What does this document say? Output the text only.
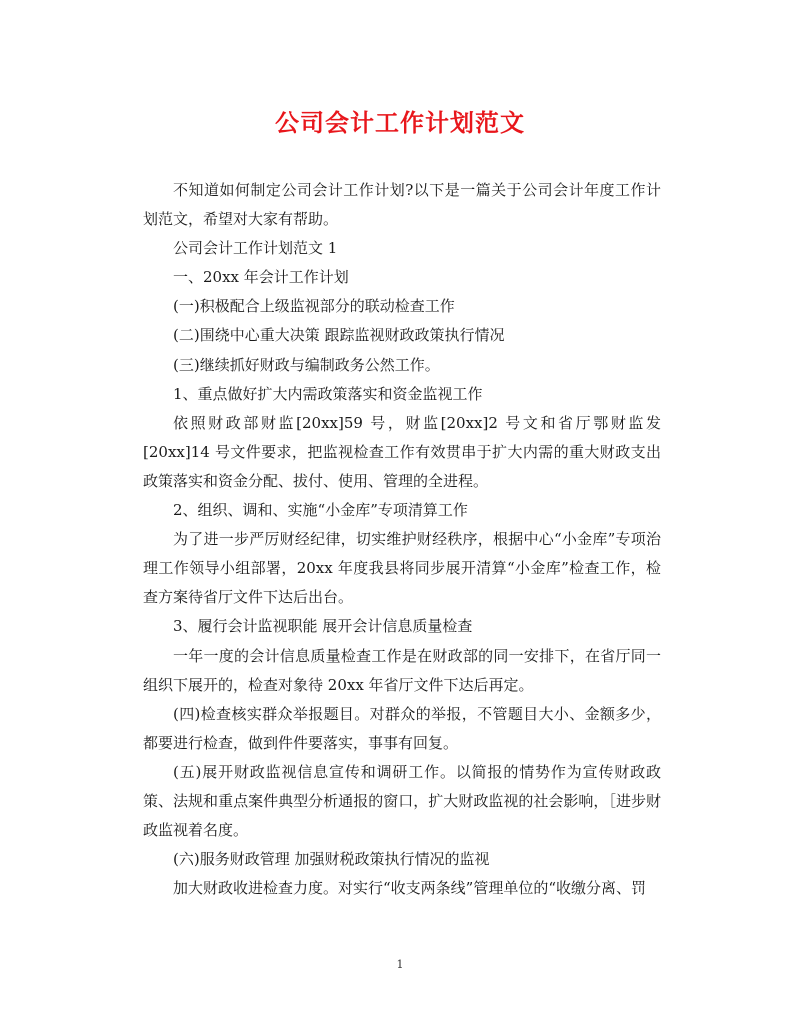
公司会计工作计划范文

不知道如何制定公司会计工作计划?以下是一篇关于公司会计年度工作计划范文，希望对大家有帮助。

公司会计工作计划范文 1

一、20xx 年会计工作计划

(一)积极配合上级监视部分的联动检查工作

(二)围绕中心重大决策 跟踪监视财政政策执行情况

(三)继续抓好财政与编制政务公然工作。

1、重点做好扩大内需政策落实和资金监视工作

依照财政部财监[20xx]59 号，财监[20xx]2 号文和省厅鄂财监发[20xx]14 号文件要求，把监视检查工作有效贯串于扩大内需的重大财政支出政策落实和资金分配、拔付、使用、管理的全进程。

2、组织、调和、实施“小金库”专项清算工作

为了进一步严厉财经纪律，切实维护财经秩序，根据中心“小金库”专项治理工作领导小组部署，20xx 年度我县将同步展开清算“小金库”检查工作，检查方案待省厅文件下达后出台。

3、履行会计监视职能 展开会计信息质量检查

一年一度的会计信息质量检查工作是在财政部的同一安排下，在省厅同一组织下展开的，检查对象待 20xx 年省厅文件下达后再定。

(四)检查核实群众举报题目。对群众的举报，不管题目大小、金额多少，都要进行检查，做到件件要落实，事事有回复。

(五)展开财政监视信息宣传和调研工作。以简报的情势作为宣传财政政策、法规和重点案件典型分析通报的窗口，扩大财政监视的社会影响，［进步财政监视着名度。

(六)服务财政管理 加强财税政策执行情况的监视

加大财政收进检查力度。对实行“收支两条线”管理单位的“收缴分离、罚

1
